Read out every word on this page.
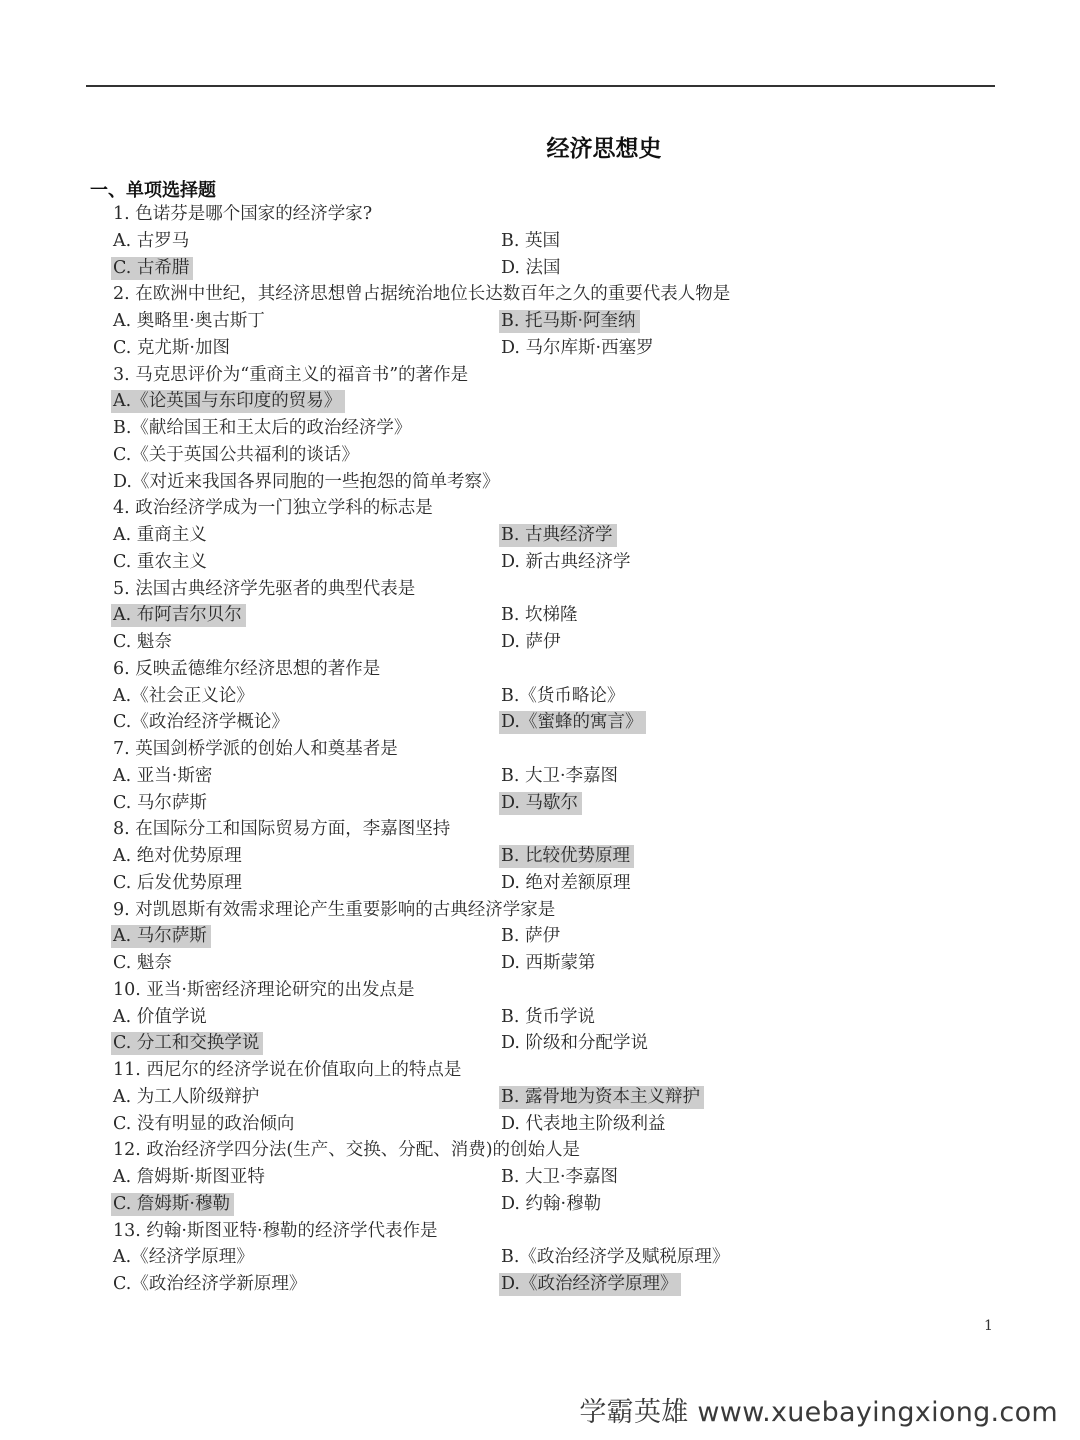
经济思想史
一、单项选择题
1. 色诺芬是哪个国家的经济学家?
A. 古罗马	B. 英国
C. 古希腊	D. 法国
2. 在欧洲中世纪，其经济思想曾占据统治地位长达数百年之久的重要代表人物是
A. 奥略里·奥古斯丁	B. 托马斯·阿奎纳
C. 克尤斯·加图	D. 马尔库斯·西塞罗
3. 马克思评价为“重商主义的福音书”的著作是
A.《论英国与东印度的贸易》
B.《献给国王和王太后的政治经济学》
C.《关于英国公共福利的谈话》
D.《对近来我国各界同胞的一些抱怨的简单考察》
4. 政治经济学成为一门独立学科的标志是
A. 重商主义	B. 古典经济学
C. 重农主义	D. 新古典经济学
5. 法国古典经济学先驱者的典型代表是
A. 布阿吉尔贝尔	B. 坎梯隆
C. 魁奈	D. 萨伊
6. 反映孟德维尔经济思想的著作是
A.《社会正义论》	B.《货币略论》
C.《政治经济学概论》	D.《蜜蜂的寓言》
7. 英国剑桥学派的创始人和奠基者是
A. 亚当·斯密	B. 大卫·李嘉图
C. 马尔萨斯	D. 马歇尔
8. 在国际分工和国际贸易方面，李嘉图坚持
A. 绝对优势原理	B. 比较优势原理
C. 后发优势原理	D. 绝对差额原理
9. 对凯恩斯有效需求理论产生重要影响的古典经济学家是
A. 马尔萨斯	B. 萨伊
C. 魁奈	D. 西斯蒙第
10. 亚当·斯密经济理论研究的出发点是
A. 价值学说	B. 货币学说
C. 分工和交换学说	D. 阶级和分配学说
11. 西尼尔的经济学说在价值取向上的特点是
A. 为工人阶级辩护	B. 露骨地为资本主义辩护
C. 没有明显的政治倾向	D. 代表地主阶级利益
12. 政治经济学四分法(生产、交换、分配、消费)的创始人是
A. 詹姆斯·斯图亚特	B. 大卫·李嘉图
C. 詹姆斯·穆勒	D. 约翰·穆勒
13. 约翰·斯图亚特·穆勒的经济学代表作是
A.《经济学原理》	B.《政治经济学及赋税原理》
C.《政治经济学新原理》	D.《政治经济学原理》
1
学霸英雄 www.xuebayingxiong.com
